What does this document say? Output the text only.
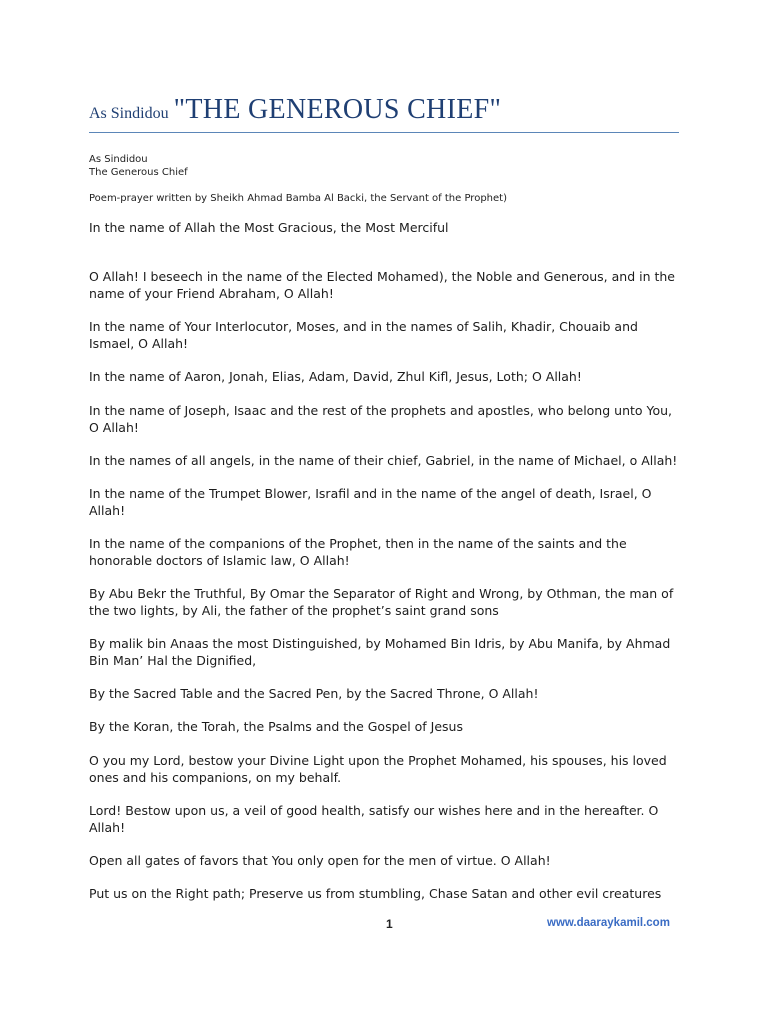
As Sindidou "THE GENEROUS CHIEF"
As Sindidou
The Generous Chief
Poem-prayer written by Sheikh Ahmad Bamba Al Backi, the Servant of the Prophet)
In the name of Allah the Most Gracious, the Most Merciful
O Allah! I beseech in the name of the Elected Mohamed), the Noble and Generous, and in the name of your Friend Abraham, O Allah!
In the name of Your Interlocutor, Moses, and in the names of Salih, Khadir, Chouaib and Ismael, O Allah!
In the name of Aaron, Jonah, Elias, Adam, David, Zhul Kifl, Jesus, Loth; O Allah!
In the name of Joseph, Isaac and the rest of the prophets and apostles, who belong unto You, O Allah!
In the names of all angels, in the name of their chief, Gabriel, in the name of Michael, o Allah!
In the name of the Trumpet Blower, Israfil and in the name of the angel of death, Israel, O Allah!
In the name of the companions of the Prophet, then in the name of the saints and the honorable doctors of Islamic law, O Allah!
By Abu Bekr the Truthful, By Omar the Separator of Right and Wrong, by Othman, the man of the two lights, by Ali, the father of the prophet’s saint grand sons
By malik bin Anaas the most Distinguished, by Mohamed Bin Idris, by Abu Manifa, by Ahmad Bin Man’ Hal the Dignified,
By the Sacred Table and the Sacred Pen, by the Sacred Throne, O Allah!
By the Koran, the Torah, the Psalms and the Gospel of Jesus
O you my Lord, bestow your Divine Light upon the Prophet Mohamed, his spouses, his loved ones and his companions, on my behalf.
Lord! Bestow upon us, a veil of good health, satisfy our wishes here and in the hereafter. O Allah!
Open all gates of favors that You only open for the men of virtue. O Allah!
Put us on the Right path; Preserve us from stumbling, Chase Satan and other evil creatures
1	www.daaraykamil.com
